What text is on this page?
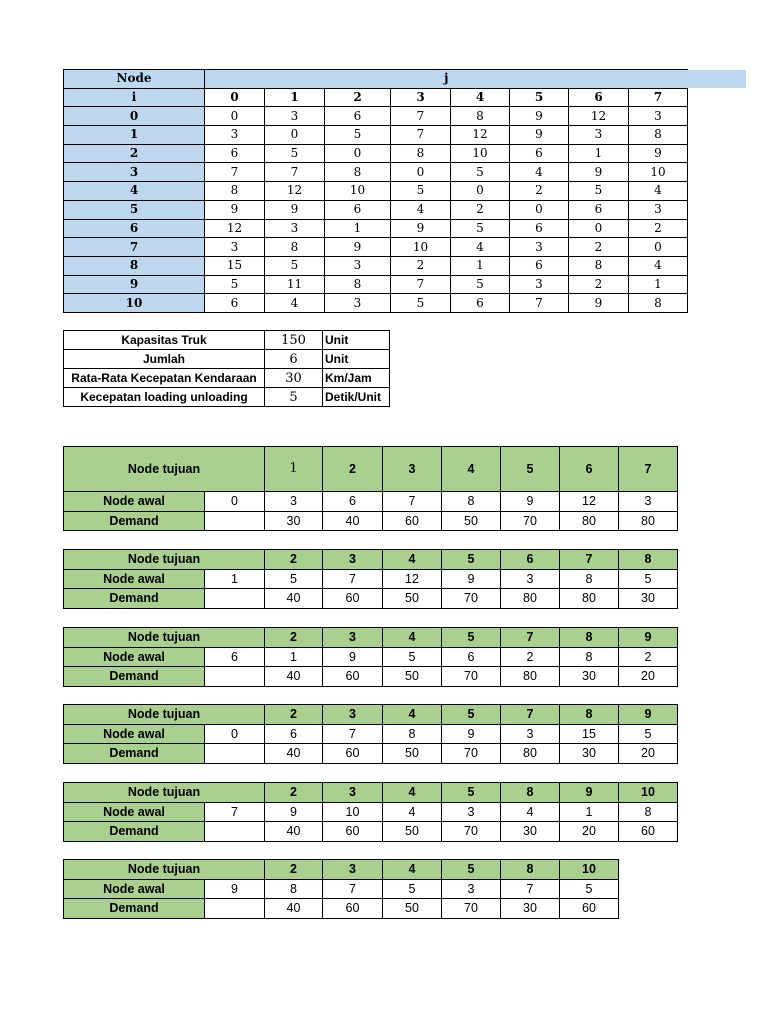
Node	j							
i	0	1	2	3	4	5	6	7
0	0	3	6	7	8	9	12	3
1	3	0	5	7	12	9	3	8
2	6	5	0	8	10	6	1	9
3	7	7	8	0	5	4	9	10
4	8	12	10	5	0	2	5	4
5	9	9	6	4	2	0	6	3
6	12	3	1	9	5	6	0	2
7	3	8	9	10	4	3	2	0
8	15	5	3	2	1	6	8	4
9	5	11	8	7	5	3	2	1
10	6	4	3	5	6	7	9	8
Kapasitas Truk	150	Unit
Jumlah	6	Unit
Rata-Rata Kecepatan Kendaraan	30	Km/Jam
Kecepatan loading unloading	5	Detik/Unit
Node tujuan		1	2	3	4	5	6	7
Node awal	0	3	6	7	8	9	12	3
Demand		30	40	60	50	70	80	80
Node tujuan		2	3	4	5	6	7	8
Node awal	1	5	7	12	9	3	8	5
Demand		40	60	50	70	80	80	30
Node tujuan		2	3	4	5	7	8	9
Node awal	6	1	9	5	6	2	8	2
Demand		40	60	50	70	80	30	20
Node tujuan		2	3	4	5	7	8	9
Node awal	0	6	7	8	9	3	15	5
Demand		40	60	50	70	80	30	20
Node tujuan		2	3	4	5	8	9	10
Node awal	7	9	10	4	3	4	1	8
Demand		40	60	50	70	30	20	60
Node tujuan		2	3	4	5	8	10
Node awal	9	8	7	5	3	7	5
Demand		40	60	50	70	30	60
